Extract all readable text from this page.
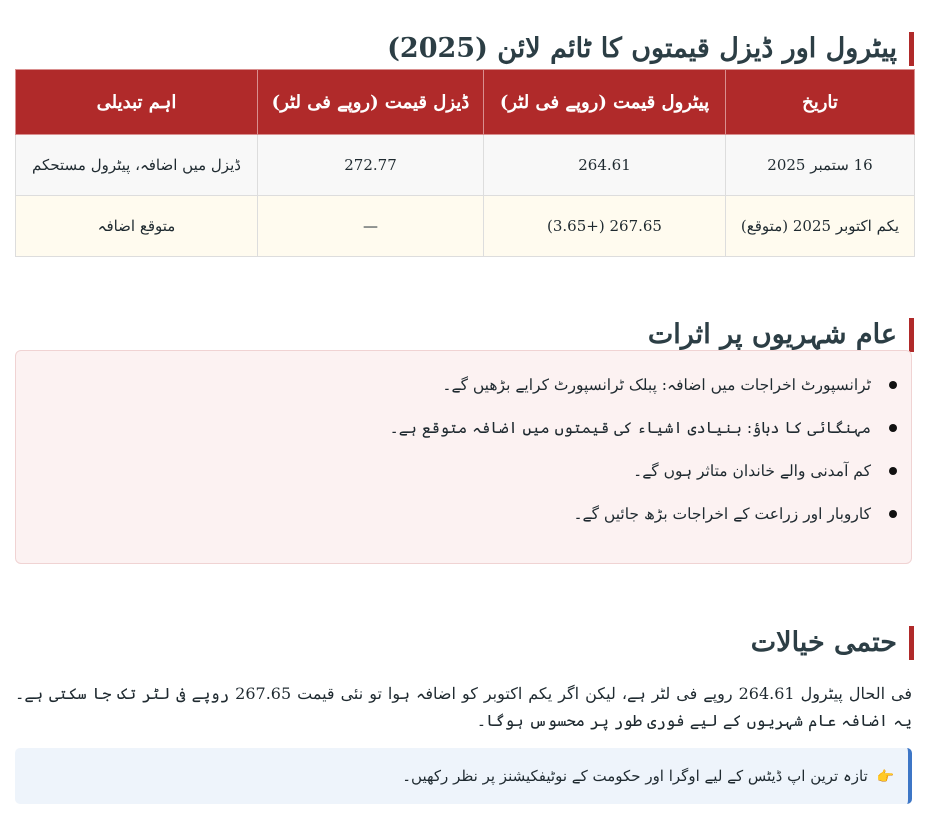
پیٹرول اور ڈیزل قیمتوں کا ٹائم لائن (2025)
تاریخ	پیٹرول قیمت (روپے فی لٹر)	ڈیزل قیمت (روپے فی لٹر)	اہم تبدیلی
16 ستمبر 2025	264.61	272.77	ڈیزل میں اضافہ، پیٹرول مستحکم
یکم اکتوبر 2025 (متوقع)	267.65 (+3.65)	—	متوقع اضافہ
عام شہریوں پر اثرات
ٹرانسپورٹ اخراجات میں اضافہ: پبلک ٹرانسپورٹ کرایے بڑھیں گے۔
مہنگائی کا دباؤ: بنیادی اشیاء کی قیمتوں میں اضافہ متوقع ہے۔
کم آمدنی والے خاندان متاثر ہوں گے۔
کاروبار اور زراعت کے اخراجات بڑھ جائیں گے۔
حتمی خیالات

فی الحال پیٹرول 264.61 روپے فی لٹر ہے، لیکن اگر یکم اکتوبر کو اضافہ ہوا تو نئی قیمت 267.65 روپے فی لٹر تک جا سکتی ہے۔ یہ اضافہ عام شہریوں کے لیے فوری طور پر محسوس ہوگا۔

👉 تازہ ترین اپ ڈیٹس کے لیے اوگرا اور حکومت کے نوٹیفکیشنز پر نظر رکھیں۔
